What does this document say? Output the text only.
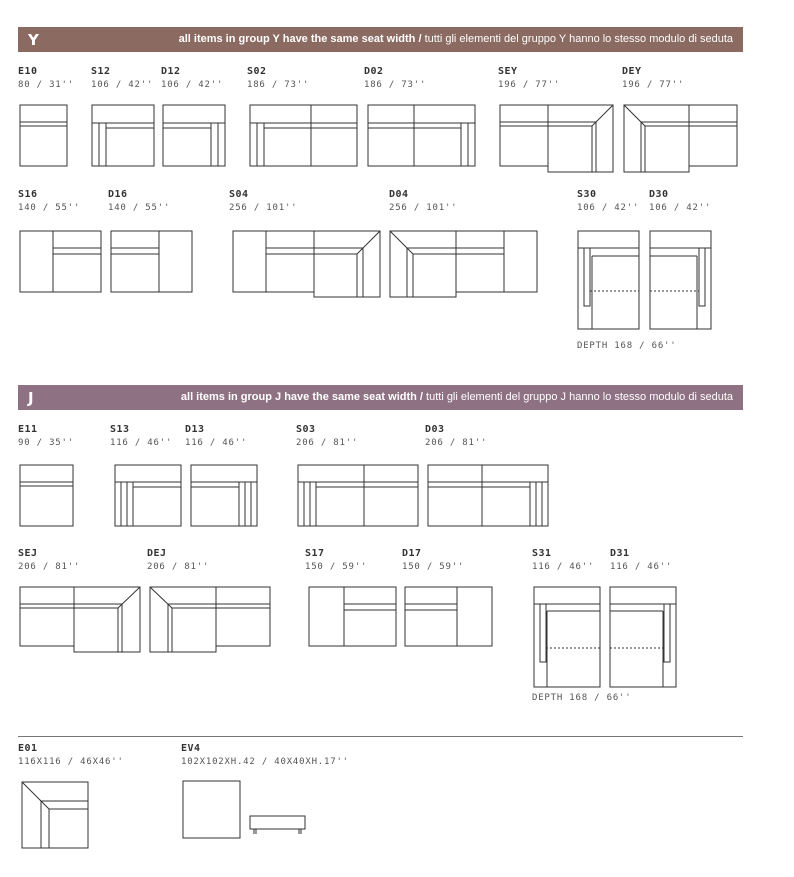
Y	all items in group Y have the same seat width / tutti gli elementi del gruppo Y hanno lo stesso modulo di seduta
E10
80 / 31''
S12
106 / 42''
D12
106 / 42''
S02
186 / 73''
D02
186 / 73''
SEY
196 / 77''
DEY
196 / 77''
S16
140 / 55''
D16
140 / 55''
S04
256 / 101''
D04
256 / 101''
S30
106 / 42''
D30
106 / 42''
DEPTH 168 / 66''
J	all items in group J have the same seat width / tutti gli elementi del gruppo J hanno lo stesso modulo di seduta
E11
90 / 35''
S13
116 / 46''
D13
116 / 46''
S03
206 / 81''
D03
206 / 81''
SEJ
206 / 81''
DEJ
206 / 81''
S17
150 / 59''
D17
150 / 59''
S31
116 / 46''
D31
116 / 46''
DEPTH 168 / 66''
E01
116X116 / 46X46''
EV4
102X102XH.42 / 40X40XH.17''
